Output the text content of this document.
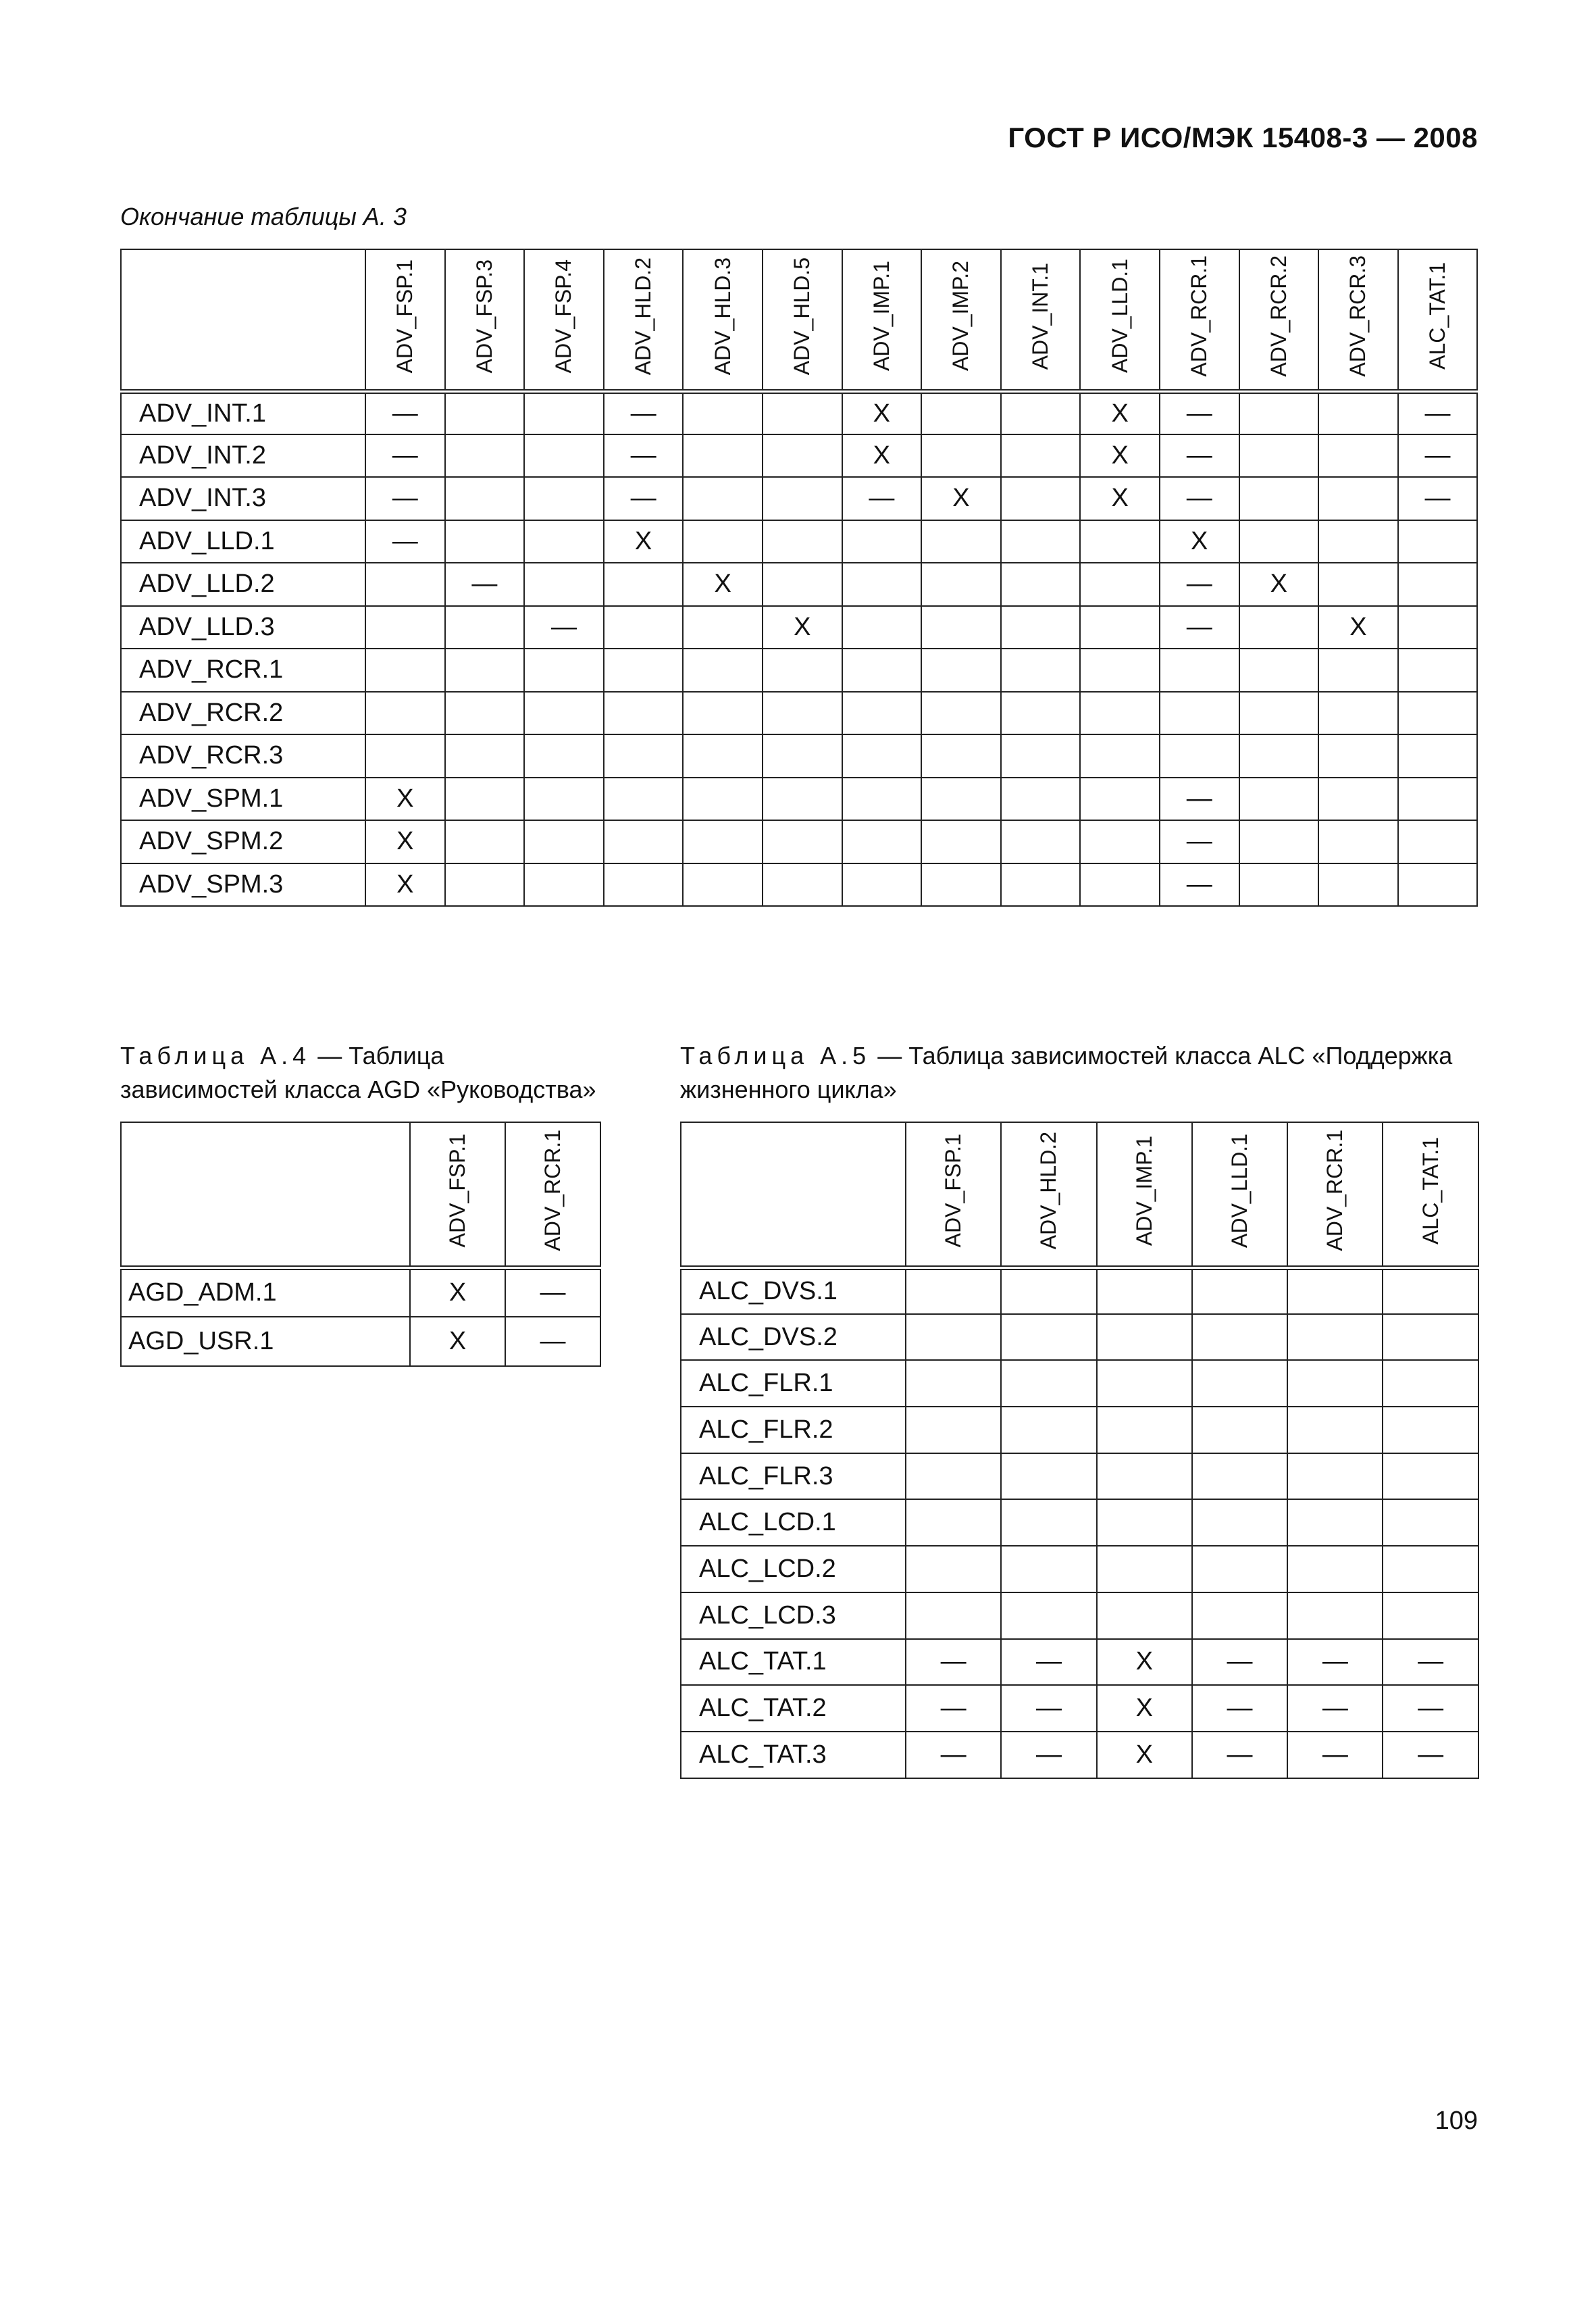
ГОСТ Р ИСО/МЭК 15408-3 — 2008
Окончание таблицы А. 3
	ADV_FSP.1	ADV_FSP.3	ADV_FSP.4	ADV_HLD.2	ADV_HLD.3	ADV_HLD.5	ADV_IMP.1	ADV_IMP.2	ADV_INT.1	ADV_LLD.1	ADV_RCR.1	ADV_RCR.2	ADV_RCR.3	ALC_TAT.1
ADV_INT.1	—			—			X			X	—			—
ADV_INT.2	—			—			X			X	—			—
ADV_INT.3	—			—			—	X		X	—			—
ADV_LLD.1	—			X							X			
ADV_LLD.2		—			X						—	X		
ADV_LLD.3			—			X					—		X	
ADV_RCR.1														
ADV_RCR.2														
ADV_RCR.3														
ADV_SPM.1	X										—			
ADV_SPM.2	X										—			
ADV_SPM.3	X										—			
Таблица А.4 — Таблица зависимостей класса AGD «Руководства»
	ADV_FSP.1	ADV_RCR.1
AGD_ADM.1	X	—
AGD_USR.1	X	—
Таблица А.5 — Таблица зависимостей класса ALC «Поддержка жизненного цикла»
	ADV_FSP.1	ADV_HLD.2	ADV_IMP.1	ADV_LLD.1	ADV_RCR.1	ALC_TAT.1
ALC_DVS.1						
ALC_DVS.2						
ALC_FLR.1						
ALC_FLR.2						
ALC_FLR.3						
ALC_LCD.1						
ALC_LCD.2						
ALC_LCD.3						
ALC_TAT.1	—	—	X	—	—	—
ALC_TAT.2	—	—	X	—	—	—
ALC_TAT.3	—	—	X	—	—	—
109
